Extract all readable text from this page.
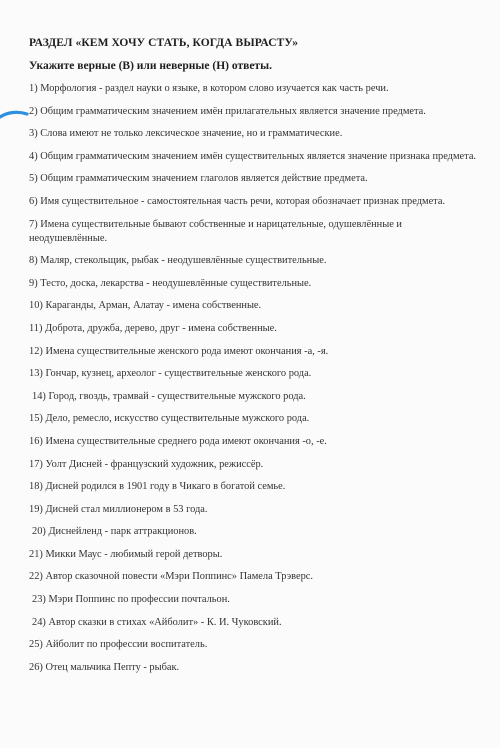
РАЗДЕЛ «КЕМ ХОЧУ СТАТЬ, КОГДА ВЫРАСТУ»
Укажите верные (В) или неверные (Н) ответы.
1) Морфология - раздел науки о языке, в котором слово изучается как часть речи.
2) Общим грамматическим значением имён прилагательных является значение предмета.
3) Слова имеют не только лексическое значение, но и грамматические.
4) Общим грамматическим значением имён существительных является значение признака предмета.
5) Общим грамматическим значением глаголов является действие предмета.
6) Имя существительное - самостоятельная часть речи, которая обозначает признак предмета.
7) Имена существительные бывают собственные и нарицательные, одушевлённые и неодушевлённые.
8) Маляр, стекольщик, рыбак - неодушевлённые существительные.
9) Тесто, доска, лекарства - неодушевлённые существительные.
10) Караганды, Арман, Алатау - имена собственные.
11) Доброта, дружба, дерево, друг - имена собственные.
12) Имена существительные женского рода имеют окончания -а, -я.
13) Гончар, кузнец, археолог - существительные женского рода.
14) Город, гвоздь, трамвай - существительные мужского рода.
15) Дело, ремесло, искусство существительные мужского рода.
16) Имена существительные среднего рода имеют окончания -о, -е.
17) Уолт Дисней - французский художник, режиссёр.
18) Дисней родился в 1901 году в Чикаго в богатой семье.
19) Дисней стал миллионером в 53 года.
20) Диснейленд - парк аттракционов.
21) Микки Маус - любимый герой детворы.
22) Автор сказочной повести «Мэри Поппинс» Памела Трэверс.
23) Мэри Поппинс по профессии почтальон.
24) Автор сказки в стихах «Айболит» - К. И. Чуковский.
25) Айболит по профессии воспитатель.
26) Отец мальчика Пепту - рыбак.
